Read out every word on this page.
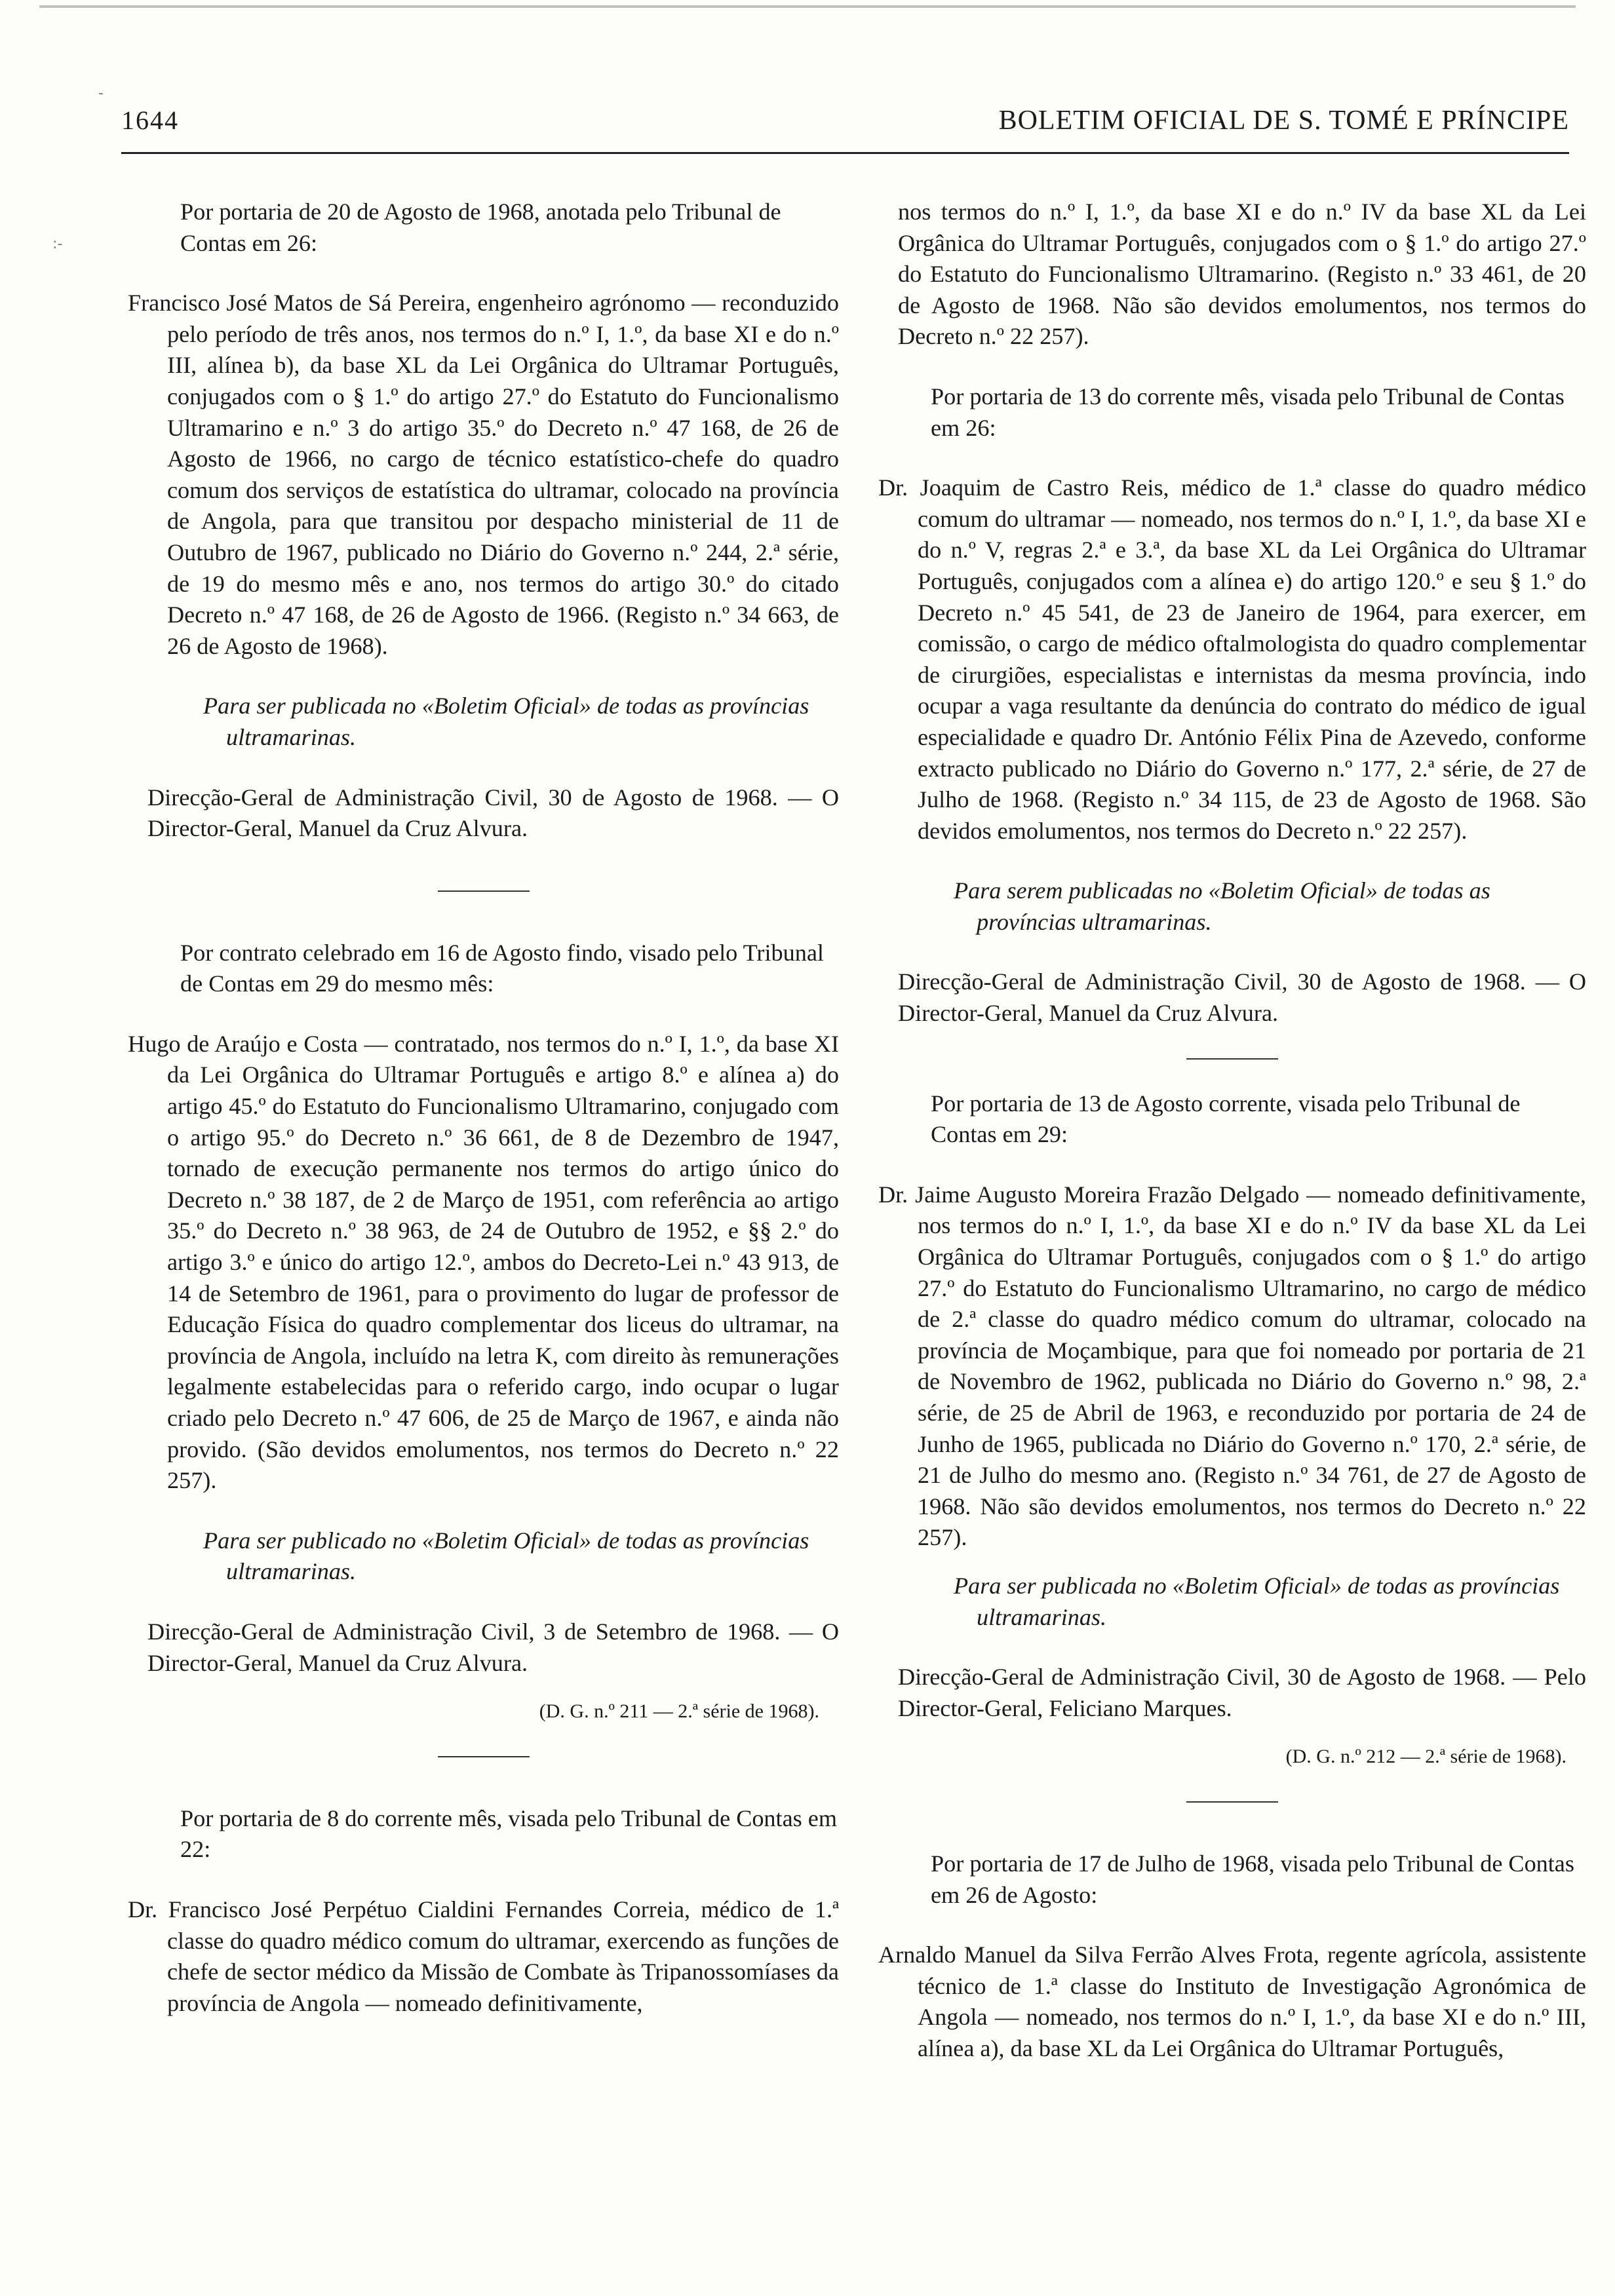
-
:-
1644	BOLETIM OFICIAL DE S. TOMÉ E PRÍNCIPE

Por portaria de 20 de Agosto de 1968, anotada pelo Tribunal de Contas em 26:

Francisco José Matos de Sá Pereira, engenheiro agrónomo — reconduzido pelo período de três anos, nos termos do n.º I, 1.º, da base XI e do n.º III, alínea b), da base XL da Lei Orgânica do Ultramar Português, conjugados com o § 1.º do artigo 27.º do Estatuto do Funcionalismo Ultramarino e n.º 3 do artigo 35.º do Decreto n.º 47 168, de 26 de Agosto de 1966, no cargo de técnico estatístico-chefe do quadro comum dos serviços de estatística do ultramar, colocado na província de Angola, para que transitou por despacho ministerial de 11 de Outubro de 1967, publicado no Diário do Governo n.º 244, 2.ª série, de 19 do mesmo mês e ano, nos termos do artigo 30.º do citado Decreto n.º 47 168, de 26 de Agosto de 1966. (Registo n.º 34 663, de 26 de Agosto de 1968).

Para ser publicada no «Boletim Oficial» de todas as províncias ultramarinas.

Direcção-Geral de Administração Civil, 30 de Agosto de 1968. — O Director-Geral, Manuel da Cruz Alvura.

Por contrato celebrado em 16 de Agosto findo, visado pelo Tribunal de Contas em 29 do mesmo mês:

Hugo de Araújo e Costa — contratado, nos termos do n.º I, 1.º, da base XI da Lei Orgânica do Ultramar Português e artigo 8.º e alínea a) do artigo 45.º do Estatuto do Funcionalismo Ultramarino, conjugado com o artigo 95.º do Decreto n.º 36 661, de 8 de Dezembro de 1947, tornado de execução permanente nos termos do artigo único do Decreto n.º 38 187, de 2 de Março de 1951, com referência ao artigo 35.º do Decreto n.º 38 963, de 24 de Outubro de 1952, e §§ 2.º do artigo 3.º e único do artigo 12.º, ambos do Decreto-Lei n.º 43 913, de 14 de Setembro de 1961, para o provimento do lugar de professor de Educação Física do quadro complementar dos liceus do ultramar, na província de Angola, incluído na letra K, com direito às remunerações legalmente estabelecidas para o referido cargo, indo ocupar o lugar criado pelo Decreto n.º 47 606, de 25 de Março de 1967, e ainda não provido. (São devidos emolumentos, nos termos do Decreto n.º 22 257).

Para ser publicado no «Boletim Oficial» de todas as províncias ultramarinas.

Direcção-Geral de Administração Civil, 3 de Setembro de 1968. — O Director-Geral, Manuel da Cruz Alvura.

(D. G. n.º 211 — 2.ª série de 1968).

Por portaria de 8 do corrente mês, visada pelo Tribunal de Contas em 22:

Dr. Francisco José Perpétuo Cialdini Fernandes Correia, médico de 1.ª classe do quadro médico comum do ultramar, exercendo as funções de chefe de sector médico da Missão de Combate às Tripanossomíases da província de Angola — nomeado definitivamente,

nos termos do n.º I, 1.º, da base XI e do n.º IV da base XL da Lei Orgânica do Ultramar Português, conjugados com o § 1.º do artigo 27.º do Estatuto do Funcionalismo Ultramarino. (Registo n.º 33 461, de 20 de Agosto de 1968. Não são devidos emolumentos, nos termos do Decreto n.º 22 257).

Por portaria de 13 do corrente mês, visada pelo Tribunal de Contas em 26:

Dr. Joaquim de Castro Reis, médico de 1.ª classe do quadro médico comum do ultramar — nomeado, nos termos do n.º I, 1.º, da base XI e do n.º V, regras 2.ª e 3.ª, da base XL da Lei Orgânica do Ultramar Português, conjugados com a alínea e) do artigo 120.º e seu § 1.º do Decreto n.º 45 541, de 23 de Janeiro de 1964, para exercer, em comissão, o cargo de médico oftalmologista do quadro complementar de cirurgiões, especialistas e internistas da mesma província, indo ocupar a vaga resultante da denúncia do contrato do médico de igual especialidade e quadro Dr. António Félix Pina de Azevedo, conforme extracto publicado no Diário do Governo n.º 177, 2.ª série, de 27 de Julho de 1968. (Registo n.º 34 115, de 23 de Agosto de 1968. São devidos emolumentos, nos termos do Decreto n.º 22 257).

Para serem publicadas no «Boletim Oficial» de todas as províncias ultramarinas.

Direcção-Geral de Administração Civil, 30 de Agosto de 1968. — O Director-Geral, Manuel da Cruz Alvura.

Por portaria de 13 de Agosto corrente, visada pelo Tribunal de Contas em 29:

Dr. Jaime Augusto Moreira Frazão Delgado — nomeado definitivamente, nos termos do n.º I, 1.º, da base XI e do n.º IV da base XL da Lei Orgânica do Ultramar Português, conjugados com o § 1.º do artigo 27.º do Estatuto do Funcionalismo Ultramarino, no cargo de médico de 2.ª classe do quadro médico comum do ultramar, colocado na província de Moçambique, para que foi nomeado por portaria de 21 de Novembro de 1962, publicada no Diário do Governo n.º 98, 2.ª série, de 25 de Abril de 1963, e reconduzido por portaria de 24 de Junho de 1965, publicada no Diário do Governo n.º 170, 2.ª série, de 21 de Julho do mesmo ano. (Registo n.º 34 761, de 27 de Agosto de 1968. Não são devidos emolumentos, nos termos do Decreto n.º 22 257).

Para ser publicada no «Boletim Oficial» de todas as províncias ultramarinas.

Direcção-Geral de Administração Civil, 30 de Agosto de 1968. — Pelo Director-Geral, Feliciano Marques.

(D. G. n.º 212 — 2.ª série de 1968).

Por portaria de 17 de Julho de 1968, visada pelo Tribunal de Contas em 26 de Agosto:

Arnaldo Manuel da Silva Ferrão Alves Frota, regente agrícola, assistente técnico de 1.ª classe do Instituto de Investigação Agronómica de Angola — nomeado, nos termos do n.º I, 1.º, da base XI e do n.º III, alínea a), da base XL da Lei Orgânica do Ultramar Português,
